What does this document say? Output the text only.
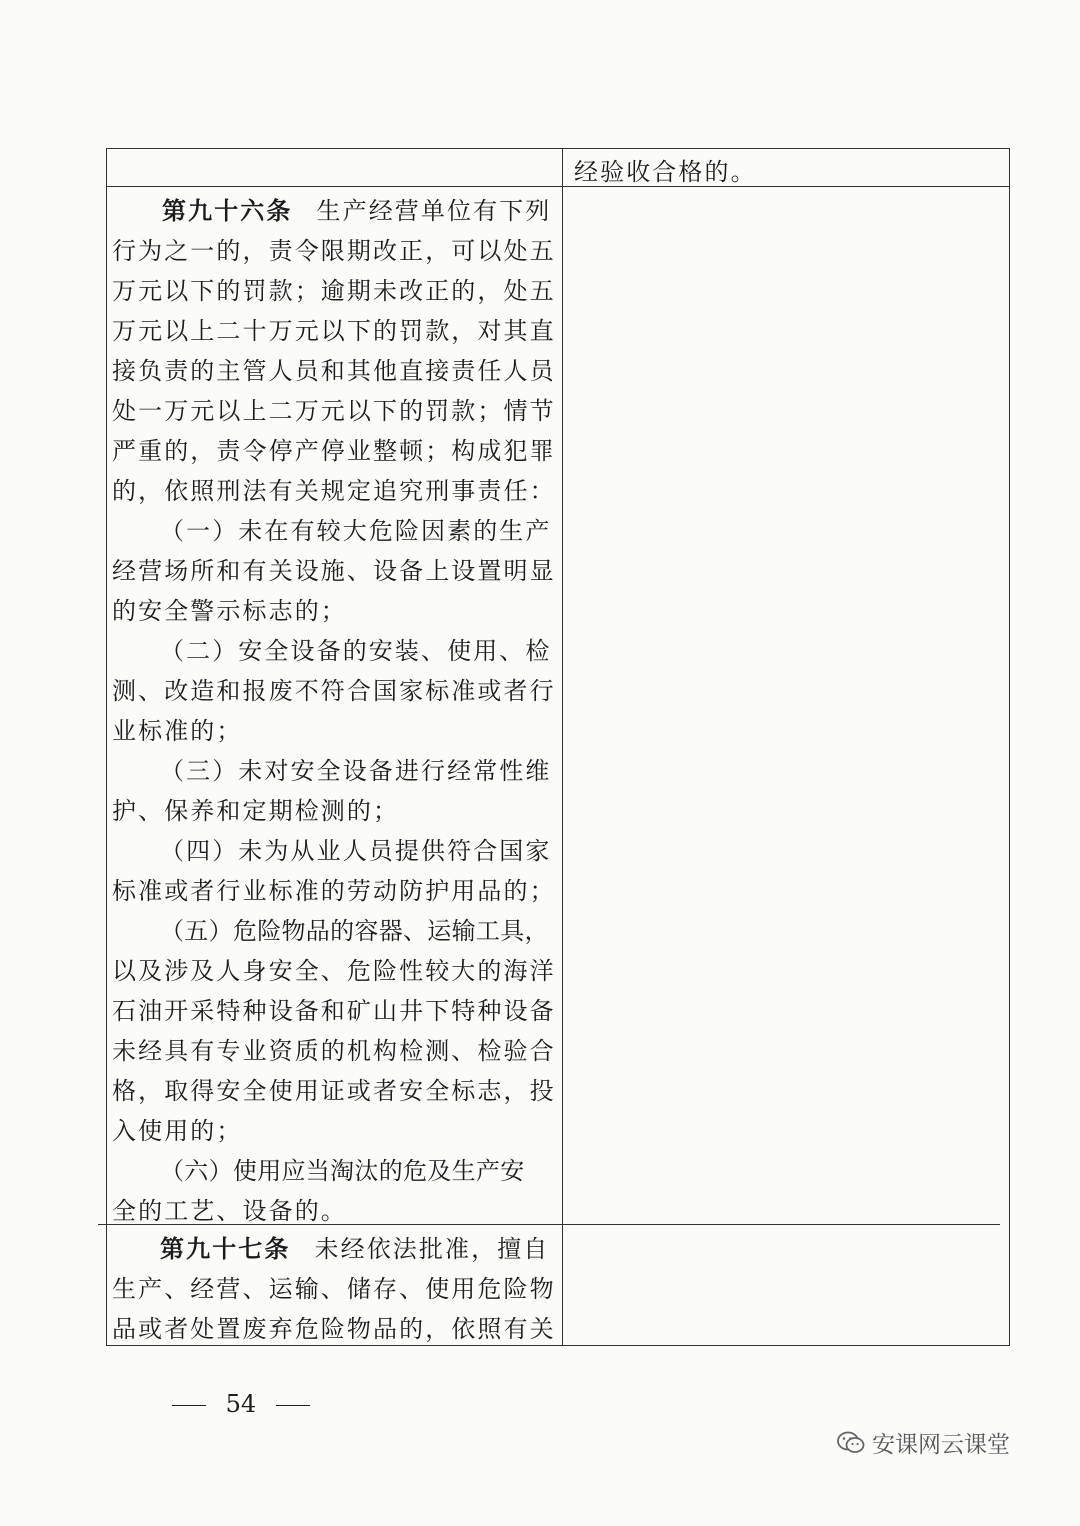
经验收合格的。
第九十六条 生产经营单位有下列
行为之一的，责令限期改正，可以处五
万元以下的罚款；逾期未改正的，处五
万元以上二十万元以下的罚款，对其直
接负责的主管人员和其他直接责任人员
处一万元以上二万元以下的罚款；情节
严重的，责令停产停业整顿；构成犯罪
的，依照刑法有关规定追究刑事责任：
（一）未在有较大危险因素的生产
经营场所和有关设施、设备上设置明显
的安全警示标志的；
（二）安全设备的安装、使用、检
测、改造和报废不符合国家标准或者行
业标准的；
（三）未对安全设备进行经常性维
护、保养和定期检测的；
（四）未为从业人员提供符合国家
标准或者行业标准的劳动防护用品的；
（五）危险物品的容器、运输工具，
以及涉及人身安全、危险性较大的海洋
石油开采特种设备和矿山井下特种设备
未经具有专业资质的机构检测、检验合
格，取得安全使用证或者安全标志，投
入使用的；
（六）使用应当淘汰的危及生产安
全的工艺、设备的。
第九十七条 未经依法批准，擅自
生产、经营、运输、储存、使用危险物
品或者处置废弃危险物品的，依照有关
54
安课网云课堂
